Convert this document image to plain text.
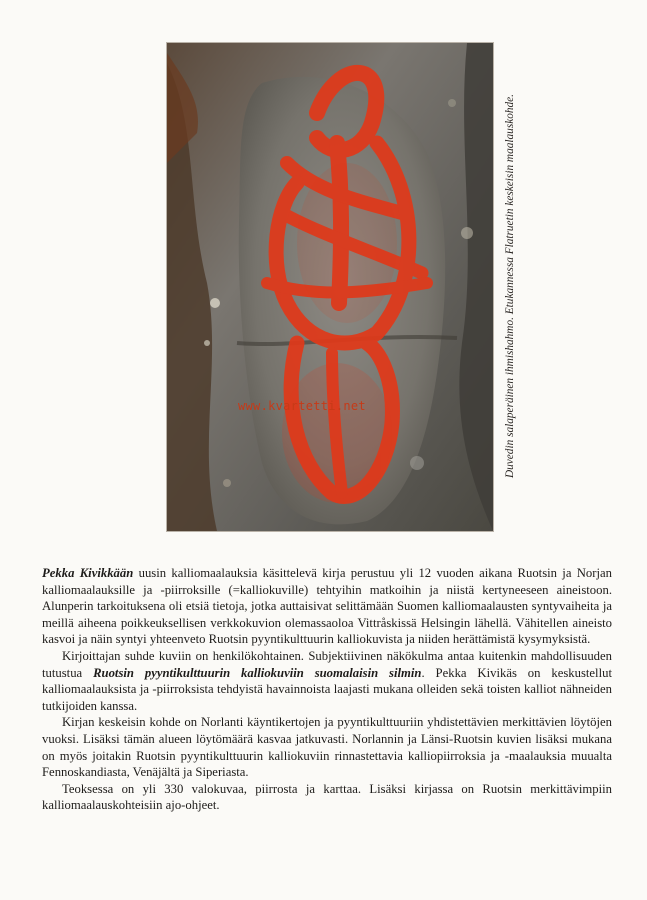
www.kvartetti.net	Duvedin salaperäinen ihmishahmo. Etukannessa Flatruetin keskeisin maalauskohde.

Pekka Kivikkään uusin kalliomaalauksia käsittelevä kirja perustuu yli 12 vuoden aikana Ruotsin ja Norjan kalliomaalauksille ja -piirroksille (=kalliokuville) tehtyihin matkoihin ja niistä kertyneeseen aineistoon. Alunperin tarkoituksena oli etsiä tietoja, jotka auttaisivat selittämään Suomen kalliomaalausten syntyvaiheita ja meillä aiheena poikkeuksellisen verkkokuvion olemassaoloa Vittråskissä Helsingin lähellä. Vähitellen aineisto kasvoi ja näin syntyi yhteenveto Ruotsin pyyntikulttuurin kalliokuvista ja niiden herättämistä kysymyksistä.

Kirjoittajan suhde kuviin on henkilökohtainen. Subjektiivinen näkökulma antaa kuitenkin mahdollisuuden tutustua Ruotsin pyyntikulttuurin kalliokuviin suomalaisin silmin. Pekka Kivikäs on keskustellut kalliomaalauksista ja -piirroksista tehdyistä havainnoista laajasti mukana olleiden sekä toisten kalliot nähneiden tutkijoiden kanssa.

Kirjan keskeisin kohde on Norlanti käyntikertojen ja pyyntikulttuuriin yhdistettävien merkittävien löytöjen vuoksi. Lisäksi tämän alueen löytömäärä kasvaa jatkuvasti. Norlannin ja Länsi-Ruotsin kuvien lisäksi mukana on myös joitakin Ruotsin pyyntikulttuurin kalliokuviin rinnastettavia kalliopiirroksia ja -maalauksia muualta Fennoskandiasta, Venäjältä ja Siperiasta.

Teoksessa on yli 330 valokuvaa, piirrosta ja karttaa. Lisäksi kirjassa on Ruotsin merkittävimpiin kalliomaalauskohteisiin ajo-ohjeet.
